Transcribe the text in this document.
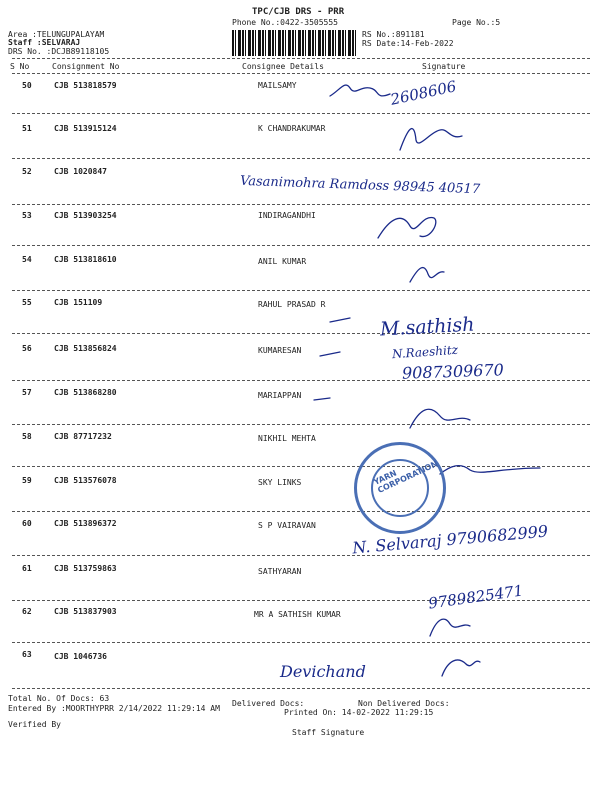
TPC/CJB DRS - PRR
Phone No.:0422-3505555	Page No.:5
Area :TELUNGUPALAYAM
Staff :SELVARAJ
DRS No. :DCJB89118105
RS No.:891181
RS Date:14-Feb-2022
S No	Consignment No	Consignee Details	Signature
50	CJB 513818579	MAILSAMY
51	CJB 513915124	K CHANDRAKUMAR
52	CJB 1020847
53	CJB 513903254	INDIRAGANDHI
54	CJB 513818610	ANIL KUMAR
55	CJB 151109	RAHUL PRASAD R
56	CJB 513856824	KUMARESAN
57	CJB 513868280	MARIAPPAN
58	CJB 87717232	NIKHIL MEHTA
59	CJB 513576078	SKY LINKS
60	CJB 513896372	S P VAIRAVAN
61	CJB 513759863	SATHYARAN
62	CJB 513837903	MR A SATHISH KUMAR
63	CJB 1046736
2608606
Vasanimohra Ramdoss 98945 40517
M.sathish
N.Raeshitz
9087309670
N. Selvaraj 9790682999
9789825471
Devichand
YARN CORPORATION
Total No. Of Docs: 63
Delivered Docs:	Non Delivered Docs:
Entered By :MOORTHYPRR 2/14/2022 11:29:14 AM	Printed On: 14-02-2022 11:29:15
Verified By
Staff Signature
